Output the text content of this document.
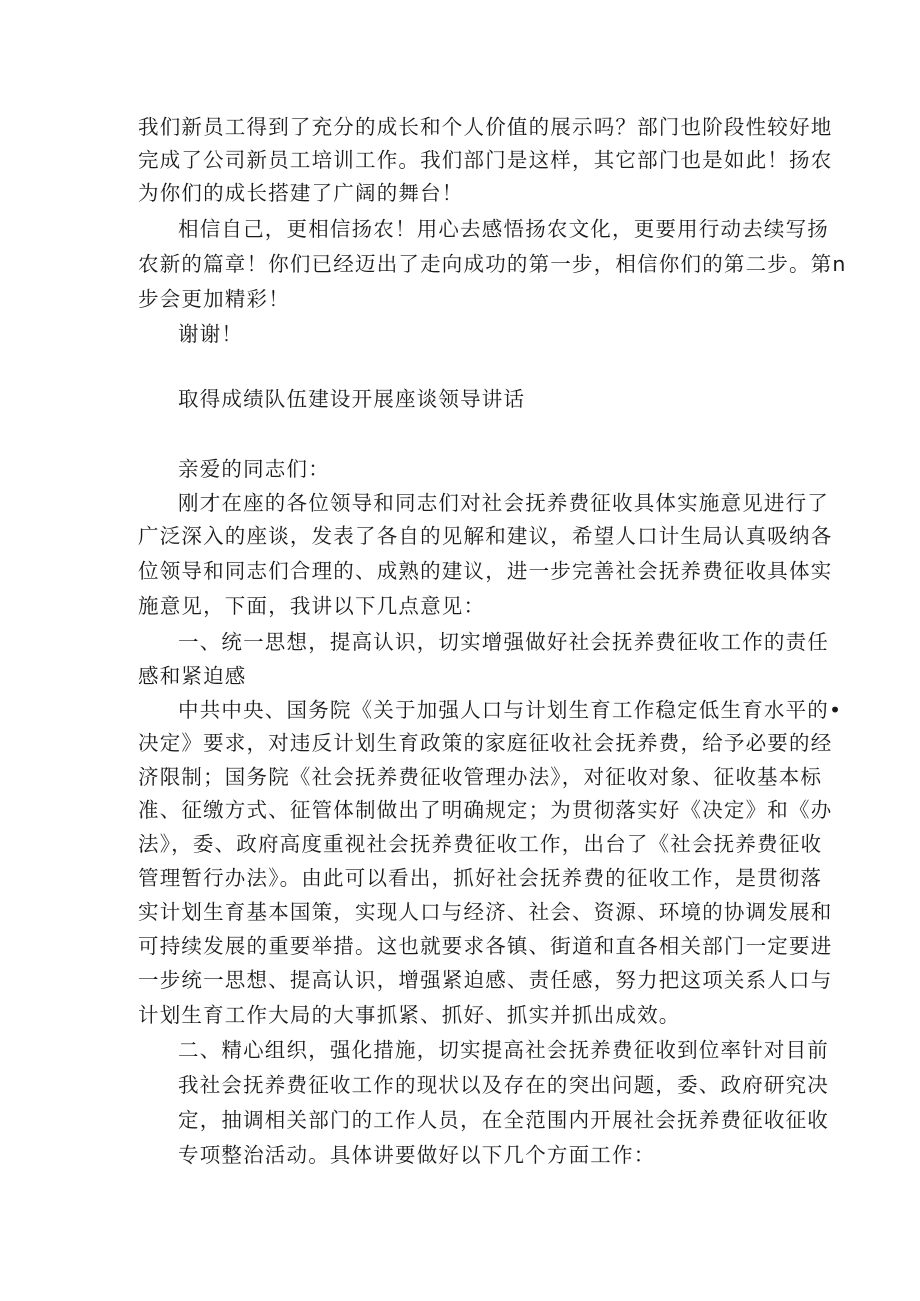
我们新员工得到了充分的成长和个人价值的展示吗？部门也阶段性较好地

完成了公司新员工培训工作。我们部门是这样，其它部门也是如此！扬农

为你们的成长搭建了广阔的舞台！

相信自己，更相信扬农！用心去感悟扬农文化，更要用行动去续写扬

农新的篇章！你们已经迈出了走向成功的第一步，相信你们的第二步。第n

步会更加精彩！

谢谢！

取得成绩队伍建设开展座谈领导讲话

亲爱的同志们：

刚才在座的各位领导和同志们对社会抚养费征收具体实施意见进行了

广泛深入的座谈，发表了各自的见解和建议，希望人口计生局认真吸纳各

位领导和同志们合理的、成熟的建议，进一步完善社会抚养费征收具体实

施意见，下面，我讲以下几点意见：

一、统一思想，提高认识，切实增强做好社会抚养费征收工作的责任

感和紧迫感

中共中央、国务院《关于加强人口与计划生育工作稳定低生育水平的•

决定》要求，对违反计划生育政策的家庭征收社会抚养费，给予必要的经

济限制；国务院《社会抚养费征收管理办法》，对征收对象、征收基本标

准、征缴方式、征管体制做出了明确规定；为贯彻落实好《决定》和《办

法》，委、政府高度重视社会抚养费征收工作，出台了《社会抚养费征收

管理暂行办法》。由此可以看出，抓好社会抚养费的征收工作，是贯彻落

实计划生育基本国策，实现人口与经济、社会、资源、环境的协调发展和

可持续发展的重要举措。这也就要求各镇、街道和直各相关部门一定要进

一步统一思想、提高认识，增强紧迫感、责任感，努力把这项关系人口与

计划生育工作大局的大事抓紧、抓好、抓实并抓出成效。

二、精心组织，强化措施，切实提高社会抚养费征收到位率针对目前

我社会抚养费征收工作的现状以及存在的突出问题，委、政府研究决

定，抽调相关部门的工作人员，在全范围内开展社会抚养费征收征收

专项整治活动。具体讲要做好以下几个方面工作：
